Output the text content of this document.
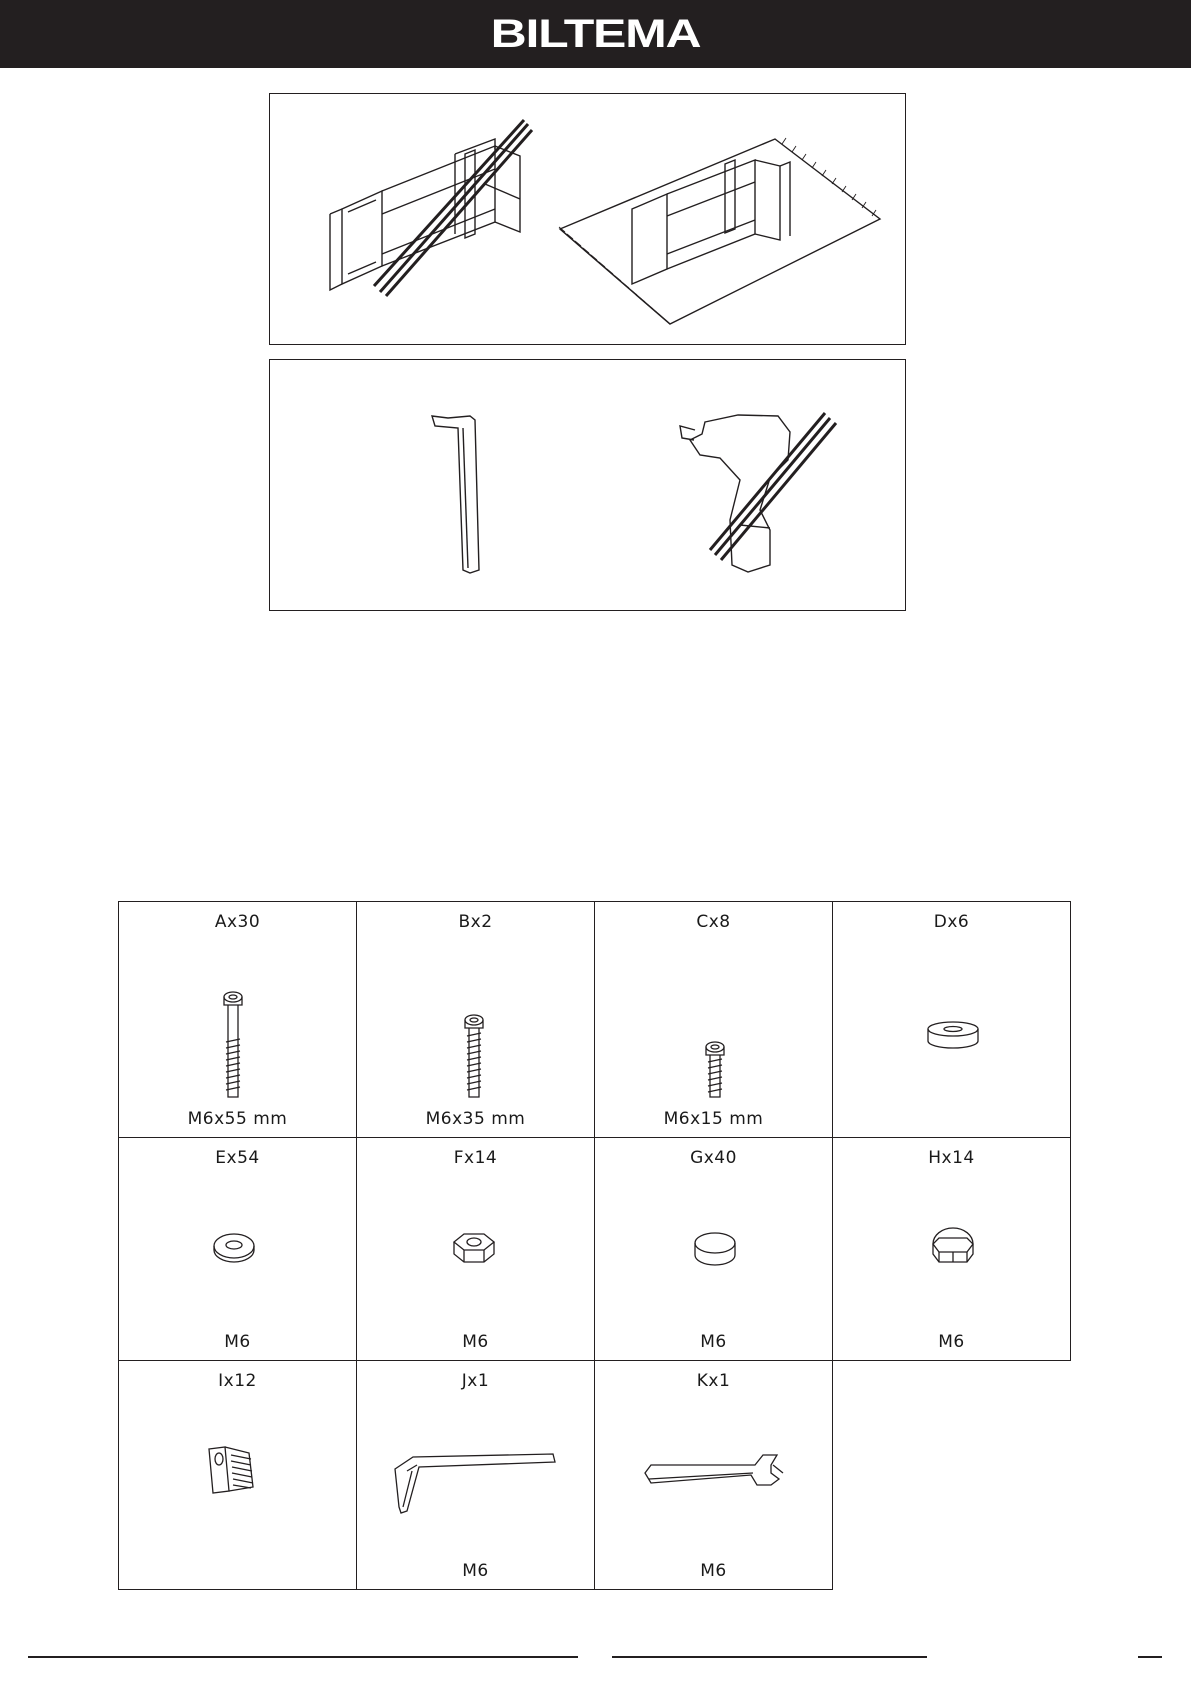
BILTEMA
Ax30
M6x55 mm
Bx2
M6x35 mm
Cx8
M6x15 mm
Dx6
Ex54
M6
Fx14
M6
Gx40
M6
Hx14
M6
Ix12	Jx1
M6
Kx1
M6
